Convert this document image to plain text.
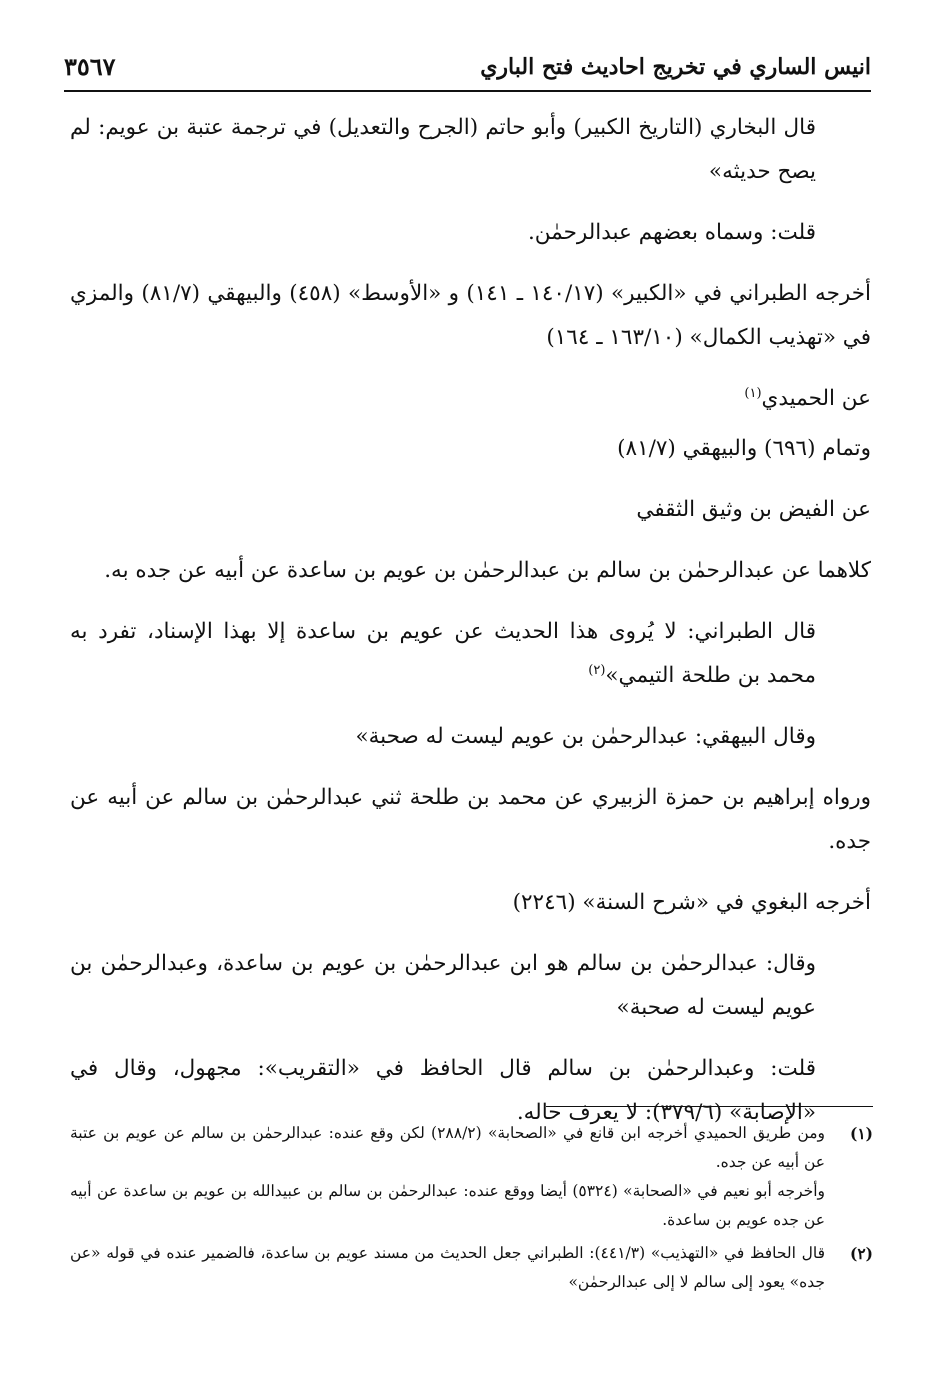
انيس الساري في تخريج احاديث فتح الباري
٣٥٦٧

قال البخاري (التاريخ الكبير) وأبو حاتم (الجرح والتعديل) في ترجمة عتبة بن عويم: لم يصح حديثه»

قلت: وسماه بعضهم عبدالرحمٰن.

أخرجه الطبراني في «الكبير» (١٤٠/١٧ ـ ١٤١) و «الأوسط» (٤٥٨) والبيهقي (٨١/٧) والمزي في «تهذيب الكمال» (١٦٣/١٠ ـ ١٦٤)

عن الحميدي$^{(١)}$

وتمام (٦٩٦) والبيهقي (٨١/٧)

عن الفيض بن وثيق الثقفي

كلاهما عن عبدالرحمٰن بن سالم بن عبدالرحمٰن بن عويم بن ساعدة عن أبيه عن جده به.

قال الطبراني: لا يُروى هذا الحديث عن عويم بن ساعدة إلا بهذا الإسناد، تفرد به محمد بن طلحة التيمي»$^{(٢)}$

وقال البيهقي: عبدالرحمٰن بن عويم ليست له صحبة»

ورواه إبراهيم بن حمزة الزبيري عن محمد بن طلحة ثني عبدالرحمٰن بن سالم عن أبيه عن جده.

أخرجه البغوي في «شرح السنة» (٢٢٤٦)

وقال: عبدالرحمٰن بن سالم هو ابن عبدالرحمٰن بن عويم بن ساعدة، وعبدالرحمٰن بن عويم ليست له صحبة»

قلت: وعبدالرحمٰن بن سالم قال الحافظ في «التقريب»: مجهول، وقال في «الإصابة» (٣٧٩/٦): لا يعرف حاله.

(١)

ومن طريق الحميدي أخرجه ابن قانع في «الصحابة» (٢٨٨/٢) لكن وقع عنده: عبدالرحمٰن بن سالم عن عويم بن عتبة عن أبيه عن جده.

وأخرجه أبو نعيم في «الصحابة» (٥٣٢٤) أيضا ووقع عنده: عبدالرحمٰن بن سالم بن عبيدالله بن عويم بن ساعدة عن أبيه عن جده عويم بن ساعدة.

(٢)

قال الحافظ في «التهذيب» (٤٤١/٣): الطبراني جعل الحديث من مسند عويم بن ساعدة، فالضمير عنده في قوله «عن جده» يعود إلى سالم لا إلى عبدالرحمٰن»
